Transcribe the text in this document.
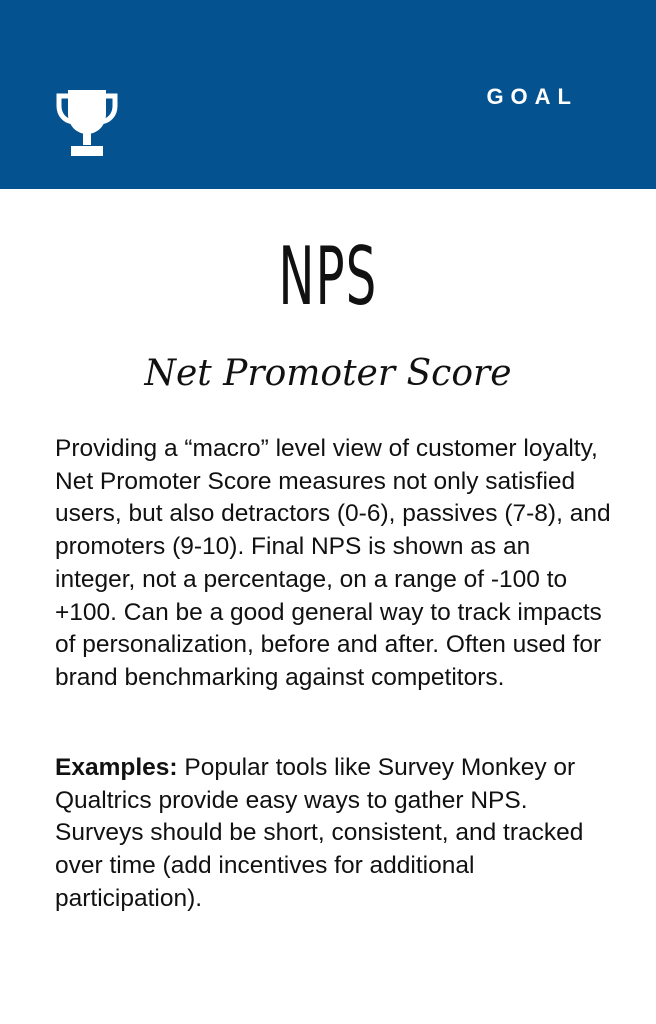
GOAL
NPS
Net Promoter Score

Providing a “macro” level view of customer loyalty, Net Promoter Score measures not only satisfied users, but also detractors (0-6), passives (7-8), and promoters (9-10). Final NPS is shown as an integer, not a percentage, on a range of -100 to +100. Can be a good general way to track impacts of personalization, before and after. Often used for brand benchmarking against competitors.

Examples: Popular tools like Survey Monkey or Qualtrics provide easy ways to gather NPS. Surveys should be short, consistent, and tracked over time (add incentives for additional participation).
